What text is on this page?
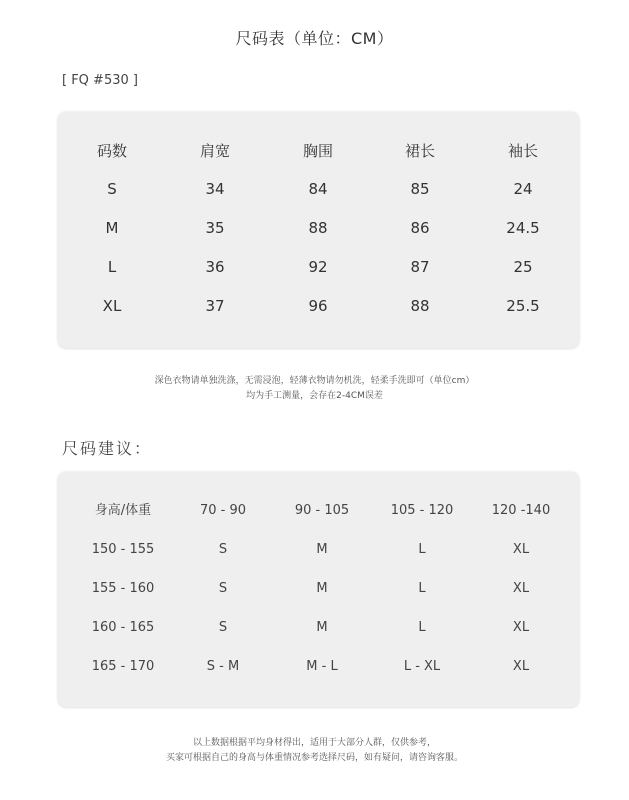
尺码表（单位：CM）
[ FQ #530 ]
码数	肩宽	胸围	裙长	袖长
S	34	84	85	24
M	35	88	86	24.5
L	36	92	87	25
XL	37	96	88	25.5
深色衣物请单独洗涤，无需浸泡，轻薄衣物请勿机洗，轻柔手洗即可（单位cm）
均为手工测量，会存在2-4CM误差
尺码建议：
身高/体重	70 - 90	90 - 105	105 - 120	120 -140
150 - 155	S	M	L	XL
155 - 160	S	M	L	XL
160 - 165	S	M	L	XL
165 - 170	S - M	M - L	L - XL	XL
以上数据根据平均身材得出，适用于大部分人群，仅供参考，
买家可根据自己的身高与体重情况参考选择尺码，如有疑问，请咨询客服。
